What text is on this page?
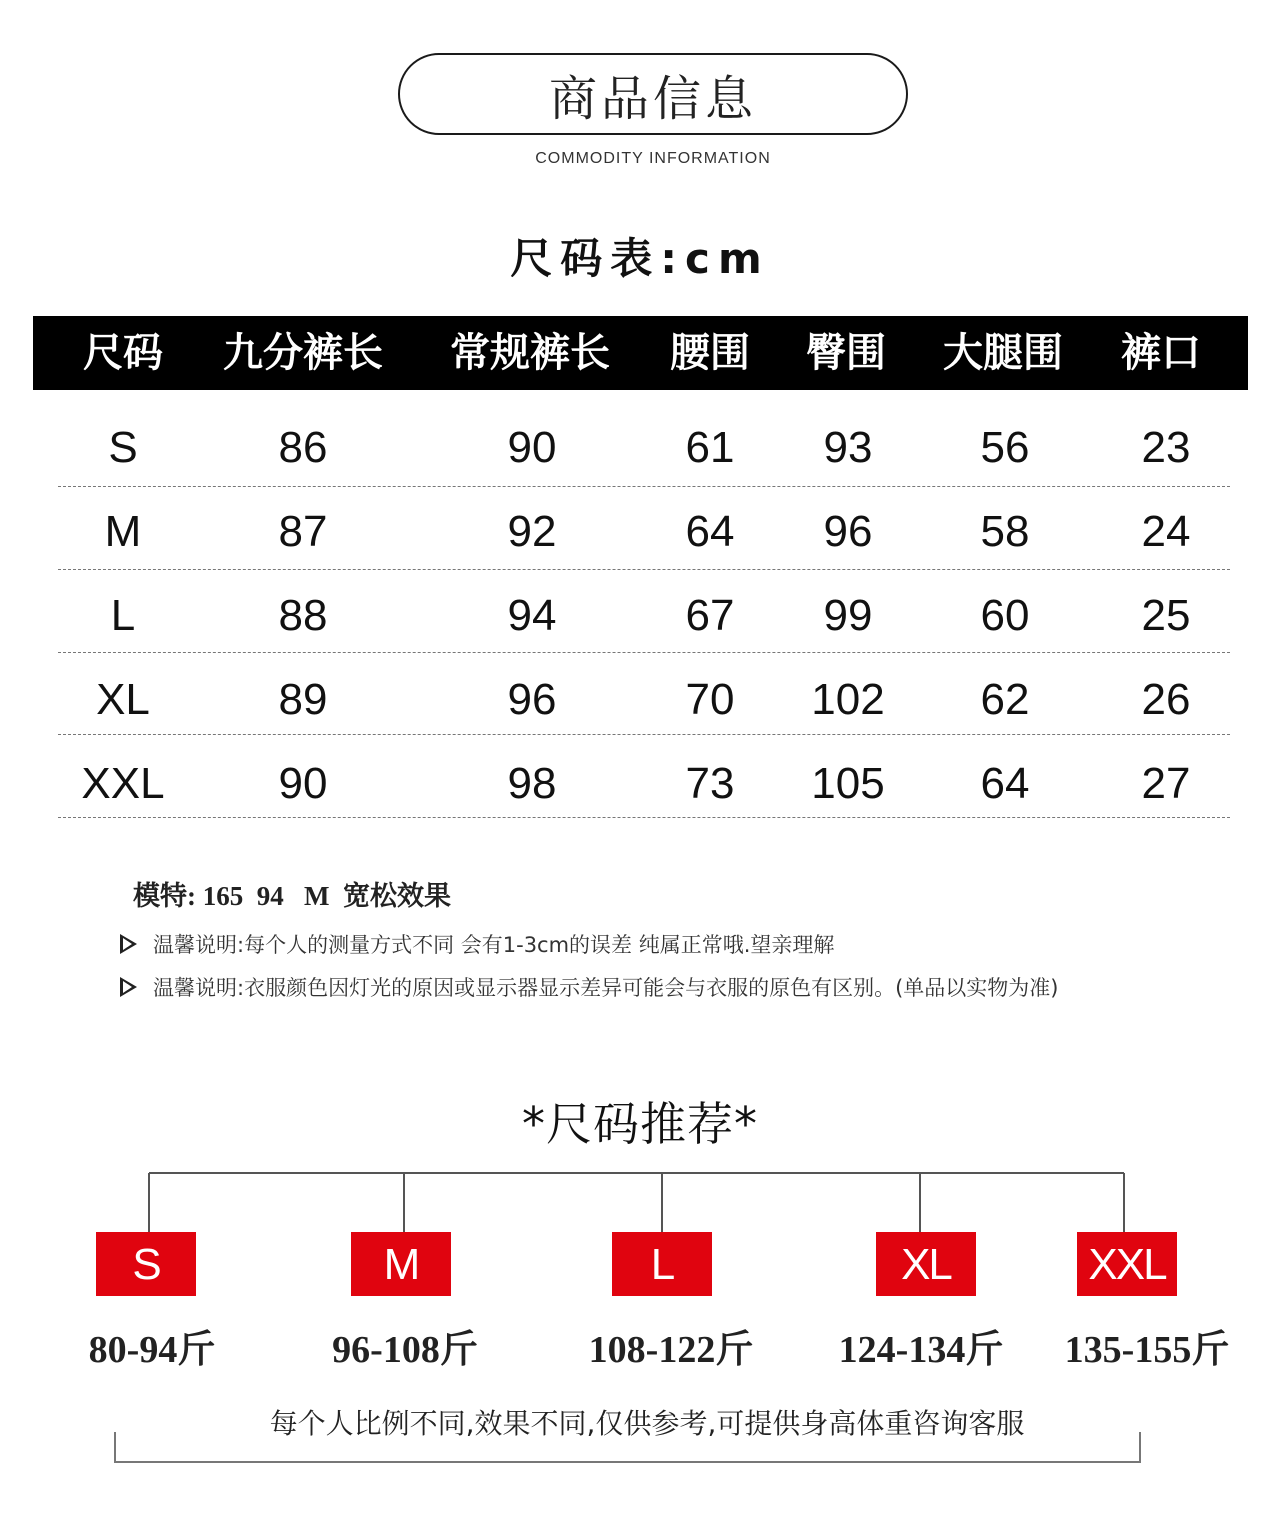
商品信息
COMMODITY INFORMATION
尺码表:cm
尺码 九分裤长 常规裤长 腰围 臀围 大腿围 裤口
S	86	90	61 93 56	23
M	87	92	64 96 58	24
L	88	94	67 99 60	25
XL	89	96	70 102 62	26
XXL	90	98	73 105 64	27
模特: 165  94   M  宽松效果
温馨说明:每个人的测量方式不同 会有1-3cm的误差 纯属正常哦.望亲理解
温馨说明:衣服颜色因灯光的原因或显示器显示差异可能会与衣服的原色有区别。(单品以实物为准)
*尺码推荐*
S	M	L	XL	XXL
80-94斤	96-108斤	108-122斤 124-134斤 135-155斤
每个人比例不同,效果不同,仅供参考,可提供身高体重咨询客服
